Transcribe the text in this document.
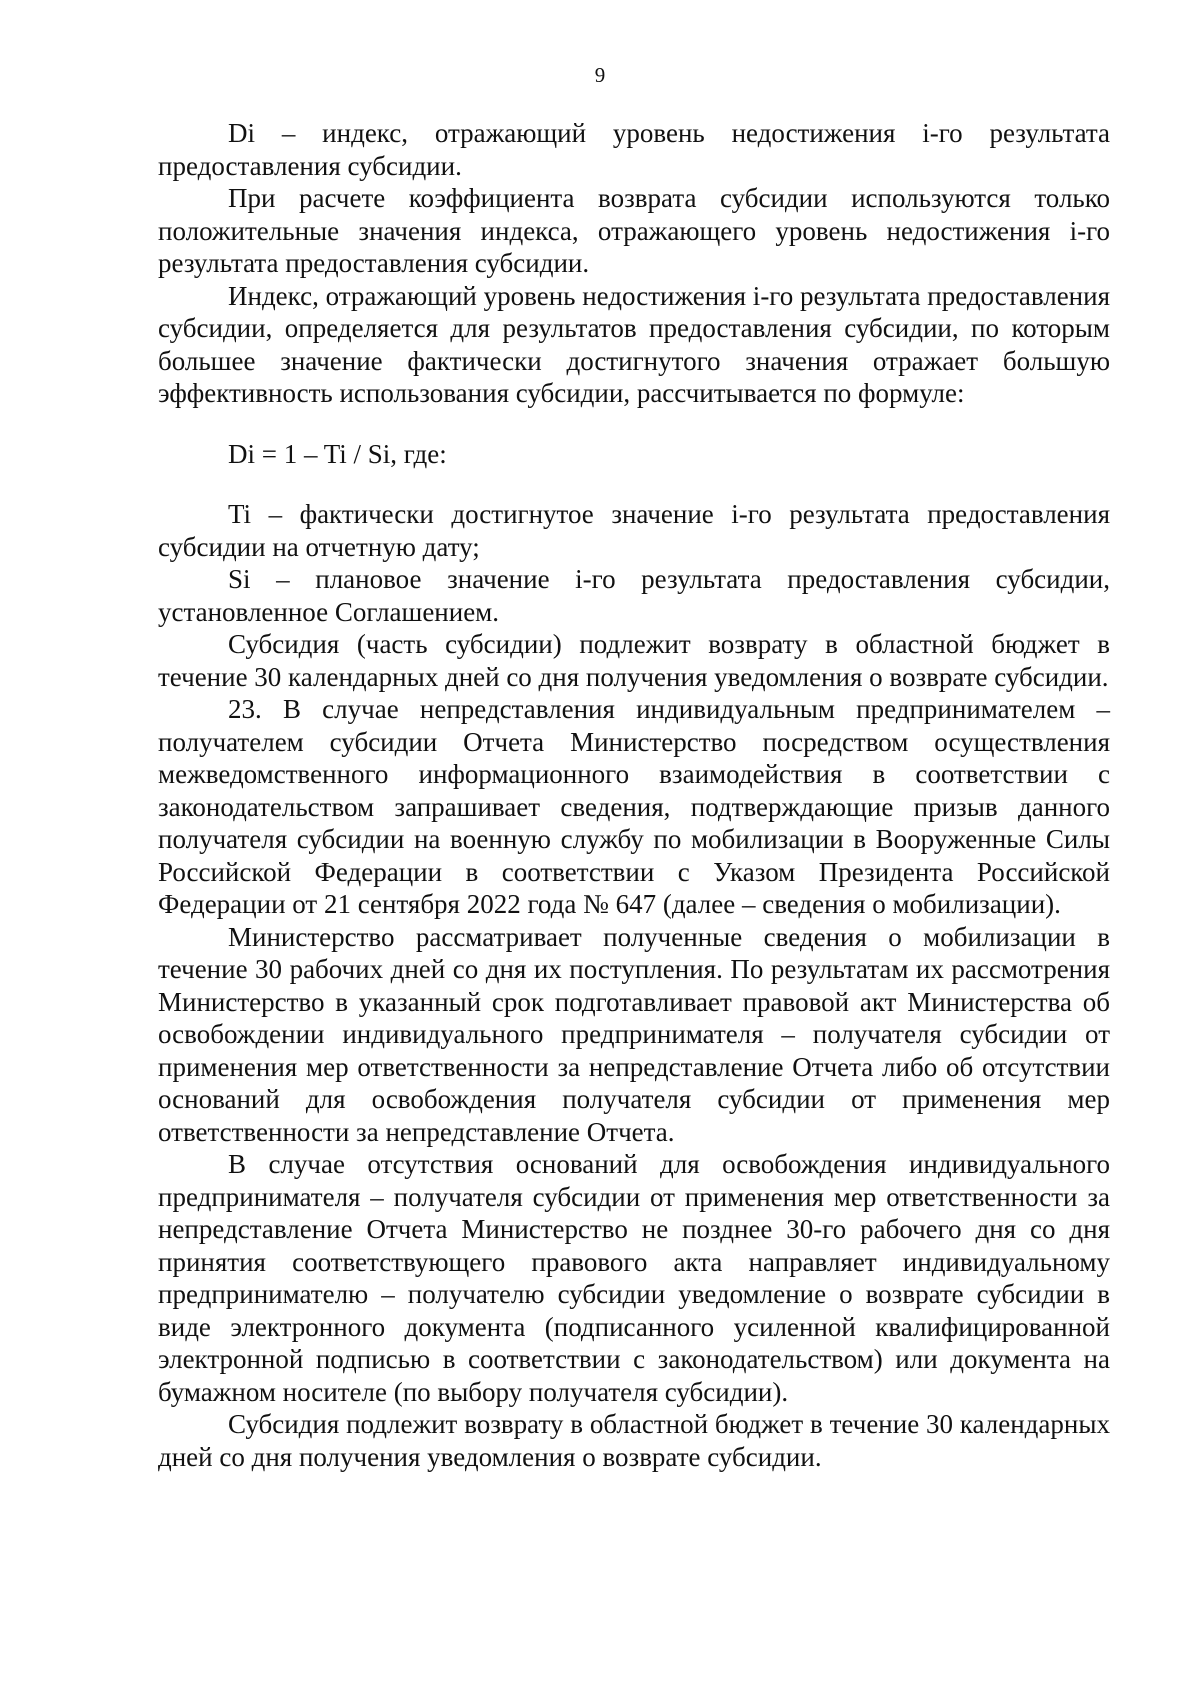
9

Di – индекс, отражающий уровень недостижения i-го результата предоставления субсидии.

При расчете коэффициента возврата субсидии используются только положительные значения индекса, отражающего уровень недостижения i-го результата предоставления субсидии.

Индекс, отражающий уровень недостижения i-го результата предоставления субсидии, определяется для результатов предоставления субсидии, по которым большее значение фактически достигнутого значения отражает большую эффективность использования субсидии, рассчитывается по формуле:

Di = 1 – Ti / Si, где:

Ti – фактически достигнутое значение i-го результата предоставления субсидии на отчетную дату;

Si – плановое значение i-го результата предоставления субсидии, установленное Соглашением.

Субсидия (часть субсидии) подлежит возврату в областной бюджет в течение 30 календарных дней со дня получения уведомления о возврате субсидии.

23. В случае непредставления индивидуальным предпринимателем – получателем субсидии Отчета Министерство посредством осуществления межведомственного информационного взаимодействия в соответствии с законодательством запрашивает сведения, подтверждающие призыв данного получателя субсидии на военную службу по мобилизации в Вооруженные Силы Российской Федерации в соответствии с Указом Президента Российской Федерации от 21 сентября 2022 года № 647 (далее – сведения о мобилизации).

Министерство рассматривает полученные сведения о мобилизации в течение 30 рабочих дней со дня их поступления. По результатам их рассмотрения Министерство в указанный срок подготавливает правовой акт Министерства об освобождении индивидуального предпринимателя – получателя субсидии от применения мер ответственности за непредставление Отчета либо об отсутствии оснований для освобождения получателя субсидии от применения мер ответственности за непредставление Отчета.

В случае отсутствия оснований для освобождения индивидуального предпринимателя – получателя субсидии от применения мер ответственности за непредставление Отчета Министерство не позднее 30-го рабочего дня со дня принятия соответствующего правового акта направляет индивидуальному предпринимателю – получателю субсидии уведомление о возврате субсидии в виде электронного документа (подписанного усиленной квалифицированной электронной подписью в соответствии с законодательством) или документа на бумажном носителе (по выбору получателя субсидии).

Субсидия подлежит возврату в областной бюджет в течение 30 календарных дней со дня получения уведомления о возврате субсидии.
